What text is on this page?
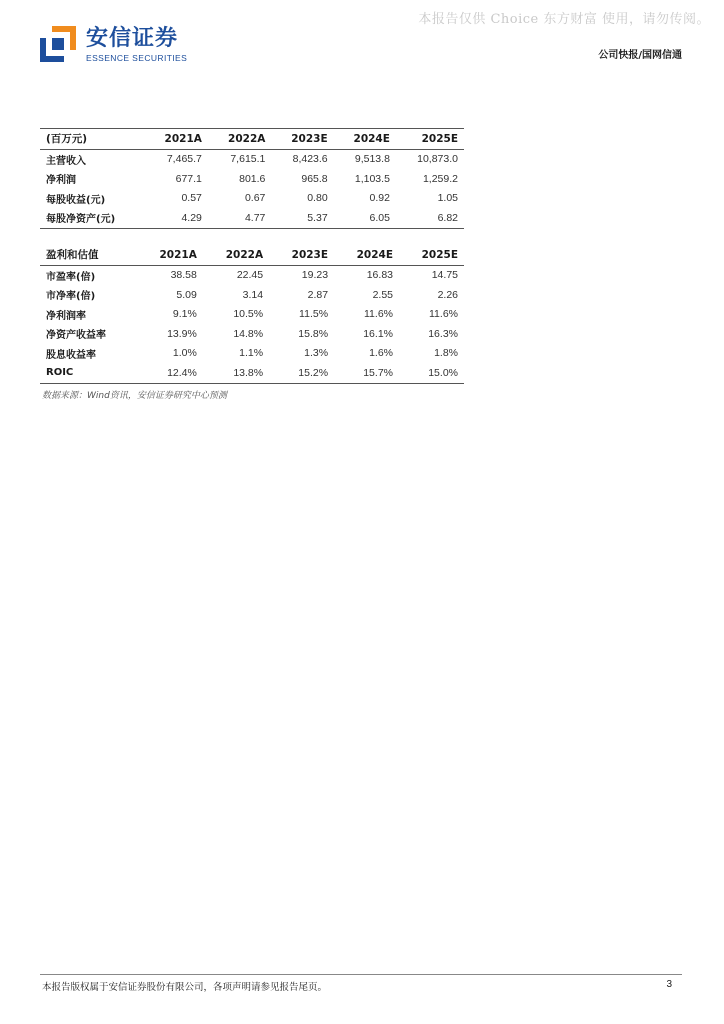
本报告仅供 Choice 东方财富 使用，请勿传阅。
安信证券
ESSENCE SECURITIES	公司快报/国网信通
(百万元)	2021A	2022A	2023E	2024E	2025E
主营收入	7,465.7	7,615.1	8,423.6	9,513.8	10,873.0
净利润	677.1	801.6	965.8	1,103.5	1,259.2
每股收益(元)	0.57	0.67	0.80	0.92	1.05
每股净资产(元)	4.29	4.77	5.37	6.05	6.82
盈利和估值	2021A	2022A	2023E	2024E	2025E
市盈率(倍)	38.58	22.45	19.23	16.83	14.75
市净率(倍)	5.09	3.14	2.87	2.55	2.26
净利润率	9.1%	10.5%	11.5%	11.6%	11.6%
净资产收益率	13.9%	14.8%	15.8%	16.1%	16.3%
股息收益率	1.0%	1.1%	1.3%	1.6%	1.8%
ROIC	12.4%	13.8%	15.2%	15.7%	15.0%
数据来源：Wind资讯，安信证券研究中心预测
本报告版权属于安信证券股份有限公司，各项声明请参见报告尾页。	3
